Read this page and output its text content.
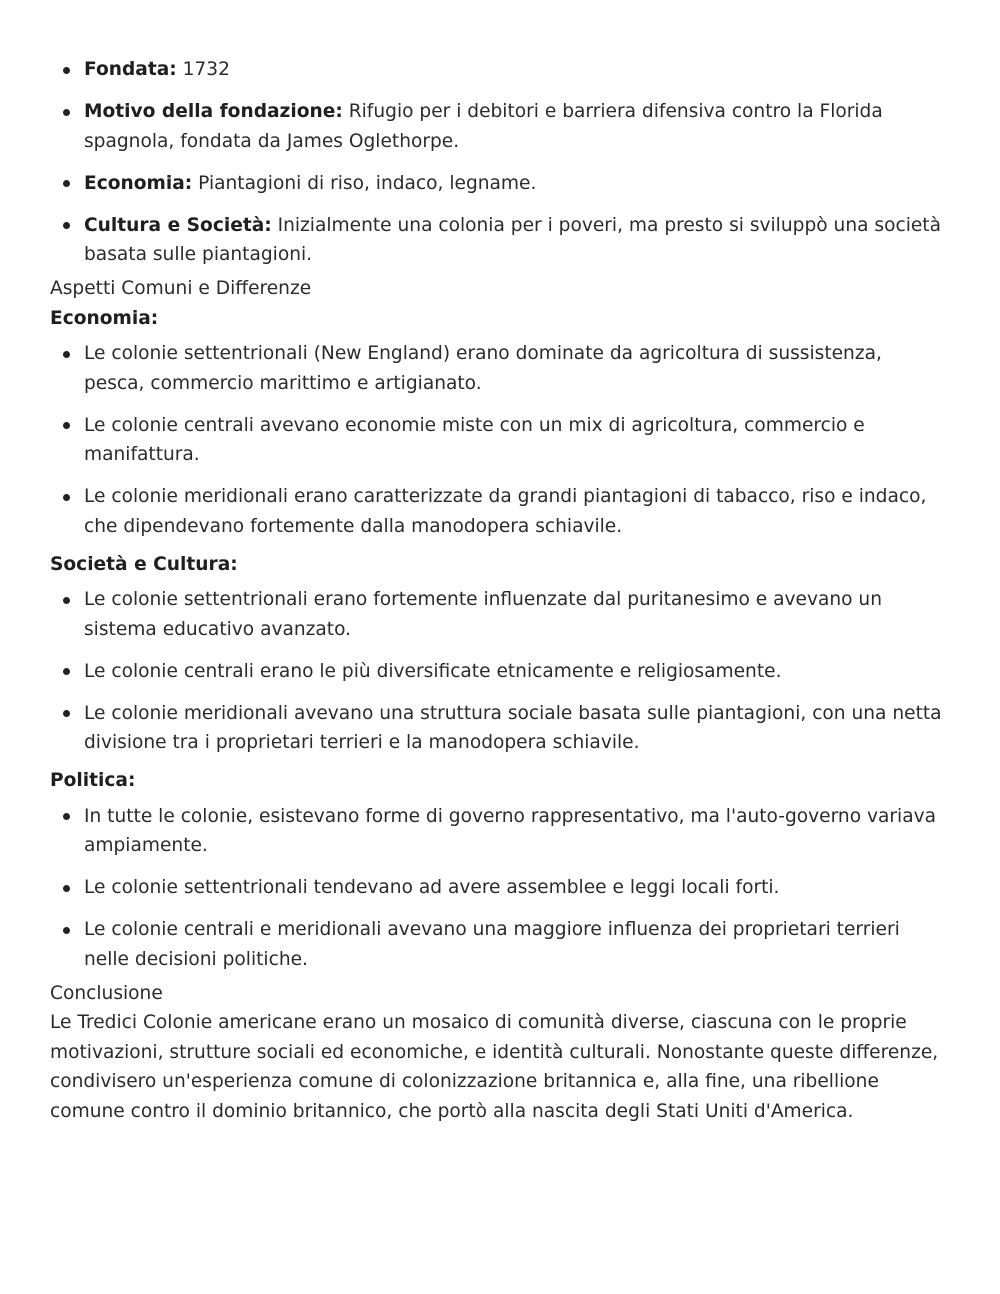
Fondata: 1732
Motivo della fondazione: Rifugio per i debitori e barriera difensiva contro la Florida spagnola, fondata da James Oglethorpe.
Economia: Piantagioni di riso, indaco, legname.
Cultura e Società: Inizialmente una colonia per i poveri, ma presto si sviluppò una società basata sulle piantagioni.

Aspetti Comuni e Differenze

Economia:

Le colonie settentrionali (New England) erano dominate da agricoltura di sussistenza, pesca, commercio marittimo e artigianato.
Le colonie centrali avevano economie miste con un mix di agricoltura, commercio e manifattura.
Le colonie meridionali erano caratterizzate da grandi piantagioni di tabacco, riso e indaco, che dipendevano fortemente dalla manodopera schiavile.

Società e Cultura:

Le colonie settentrionali erano fortemente influenzate dal puritanesimo e avevano un sistema educativo avanzato.
Le colonie centrali erano le più diversificate etnicamente e religiosamente.
Le colonie meridionali avevano una struttura sociale basata sulle piantagioni, con una netta divisione tra i proprietari terrieri e la manodopera schiavile.

Politica:

In tutte le colonie, esistevano forme di governo rappresentativo, ma l'auto-governo variava ampiamente.
Le colonie settentrionali tendevano ad avere assemblee e leggi locali forti.
Le colonie centrali e meridionali avevano una maggiore influenza dei proprietari terrieri nelle decisioni politiche.

Conclusione

Le Tredici Colonie americane erano un mosaico di comunità diverse, ciascuna con le proprie motivazioni, strutture sociali ed economiche, e identità culturali. Nonostante queste differenze, condivisero un'esperienza comune di colonizzazione britannica e, alla fine, una ribellione comune contro il dominio britannico, che portò alla nascita degli Stati Uniti d'America.
